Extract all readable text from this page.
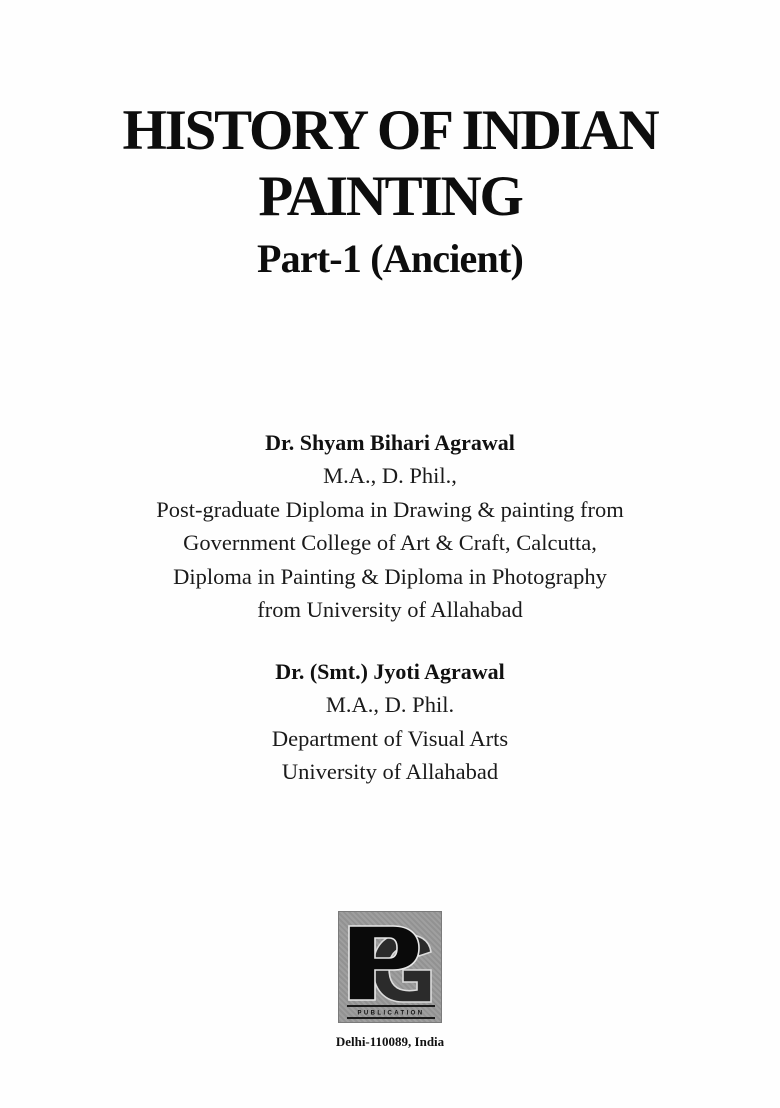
HISTORY OF INDIAN
PAINTING
Part-1 (Ancient)
Dr. Shyam Bihari Agrawal
M.A., D. Phil.,
Post-graduate Diploma in Drawing & painting from
Government College of Art & Craft, Calcutta,
Diploma in Painting & Diploma in Photography
from University of Allahabad
Dr. (Smt.) Jyoti Agrawal
M.A., D. Phil.
Department of Visual Arts
University of Allahabad
PUBLICATION
Delhi-110089, India
